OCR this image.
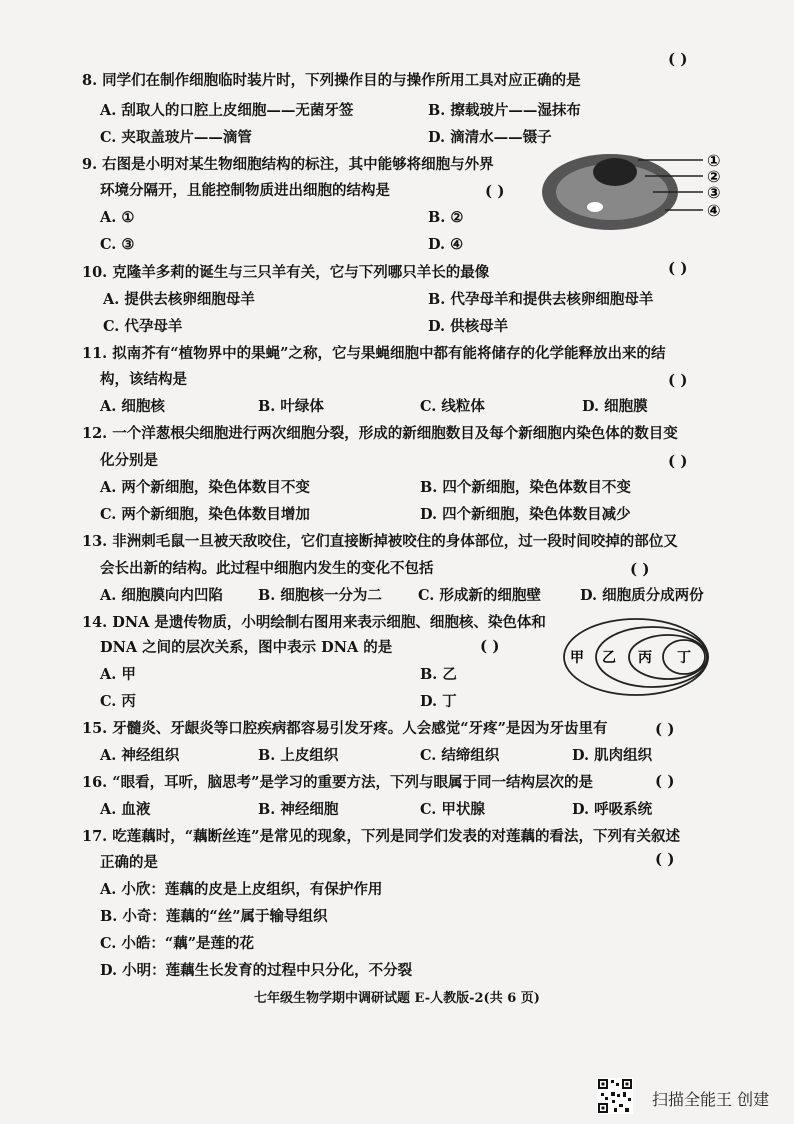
( )
8. 同学们在制作细胞临时装片时，下列操作目的与操作所用工具对应正确的是
A. 刮取人的口腔上皮细胞——无菌牙签	B. 擦载玻片——湿抹布
C. 夹取盖玻片——滴管	D. 滴清水——镊子
9. 右图是小明对某生物细胞结构的标注，其中能够将细胞与外界
环境分隔开，且能控制物质进出细胞的结构是	( )
A. ①	B. ②
C. ③	D. ④
①
②
③
④
10. 克隆羊多莉的诞生与三只羊有关，它与下列哪只羊长的最像	( )
A. 提供去核卵细胞母羊	B. 代孕母羊和提供去核卵细胞母羊
C. 代孕母羊	D. 供核母羊
11. 拟南芥有“植物界中的果蝇”之称，它与果蝇细胞中都有能将储存的化学能释放出来的结
构，该结构是	( )
A. 细胞核	B. 叶绿体	C. 线粒体	D. 细胞膜
12. 一个洋葱根尖细胞进行两次细胞分裂，形成的新细胞数目及每个新细胞内染色体的数目变
化分别是	( )
A. 两个新细胞，染色体数目不变	B. 四个新细胞，染色体数目不变
C. 两个新细胞，染色体数目增加	D. 四个新细胞，染色体数目减少
13. 非洲刺毛鼠一旦被天敌咬住，它们直接断掉被咬住的身体部位，过一段时间咬掉的部位又
会长出新的结构。此过程中细胞内发生的变化不包括	( )
A. 细胞膜向内凹陷 B. 细胞核一分为二 C. 形成新的细胞壁	D. 细胞质分成两份
14. DNA 是遗传物质，小明绘制右图用来表示细胞、细胞核、染色体和
DNA 之间的层次关系，图中表示 DNA 的是	( )
A. 甲	B. 乙
C. 丙	D. 丁
甲 乙 丙 丁
15. 牙髓炎、牙龈炎等口腔疾病都容易引发牙疼。人会感觉“牙疼”是因为牙齿里有	( )
A. 神经组织	B. 上皮组织	C. 结缔组织	D. 肌肉组织
16. “眼看，耳听，脑思考”是学习的重要方法，下列与眼属于同一结构层次的是	( )
A. 血液	B. 神经细胞	C. 甲状腺	D. 呼吸系统
17. 吃莲藕时，“藕断丝连”是常见的现象，下列是同学们发表的对莲藕的看法，下列有关叙述
正确的是	( )
A. 小欣：莲藕的皮是上皮组织，有保护作用
B. 小奇：莲藕的“丝”属于输导组织
C. 小皓：“藕”是莲的花
D. 小明：莲藕生长发育的过程中只分化，不分裂
七年级生物学期中调研试题 E-人教版-2(共 6 页)
扫描全能王 创建
